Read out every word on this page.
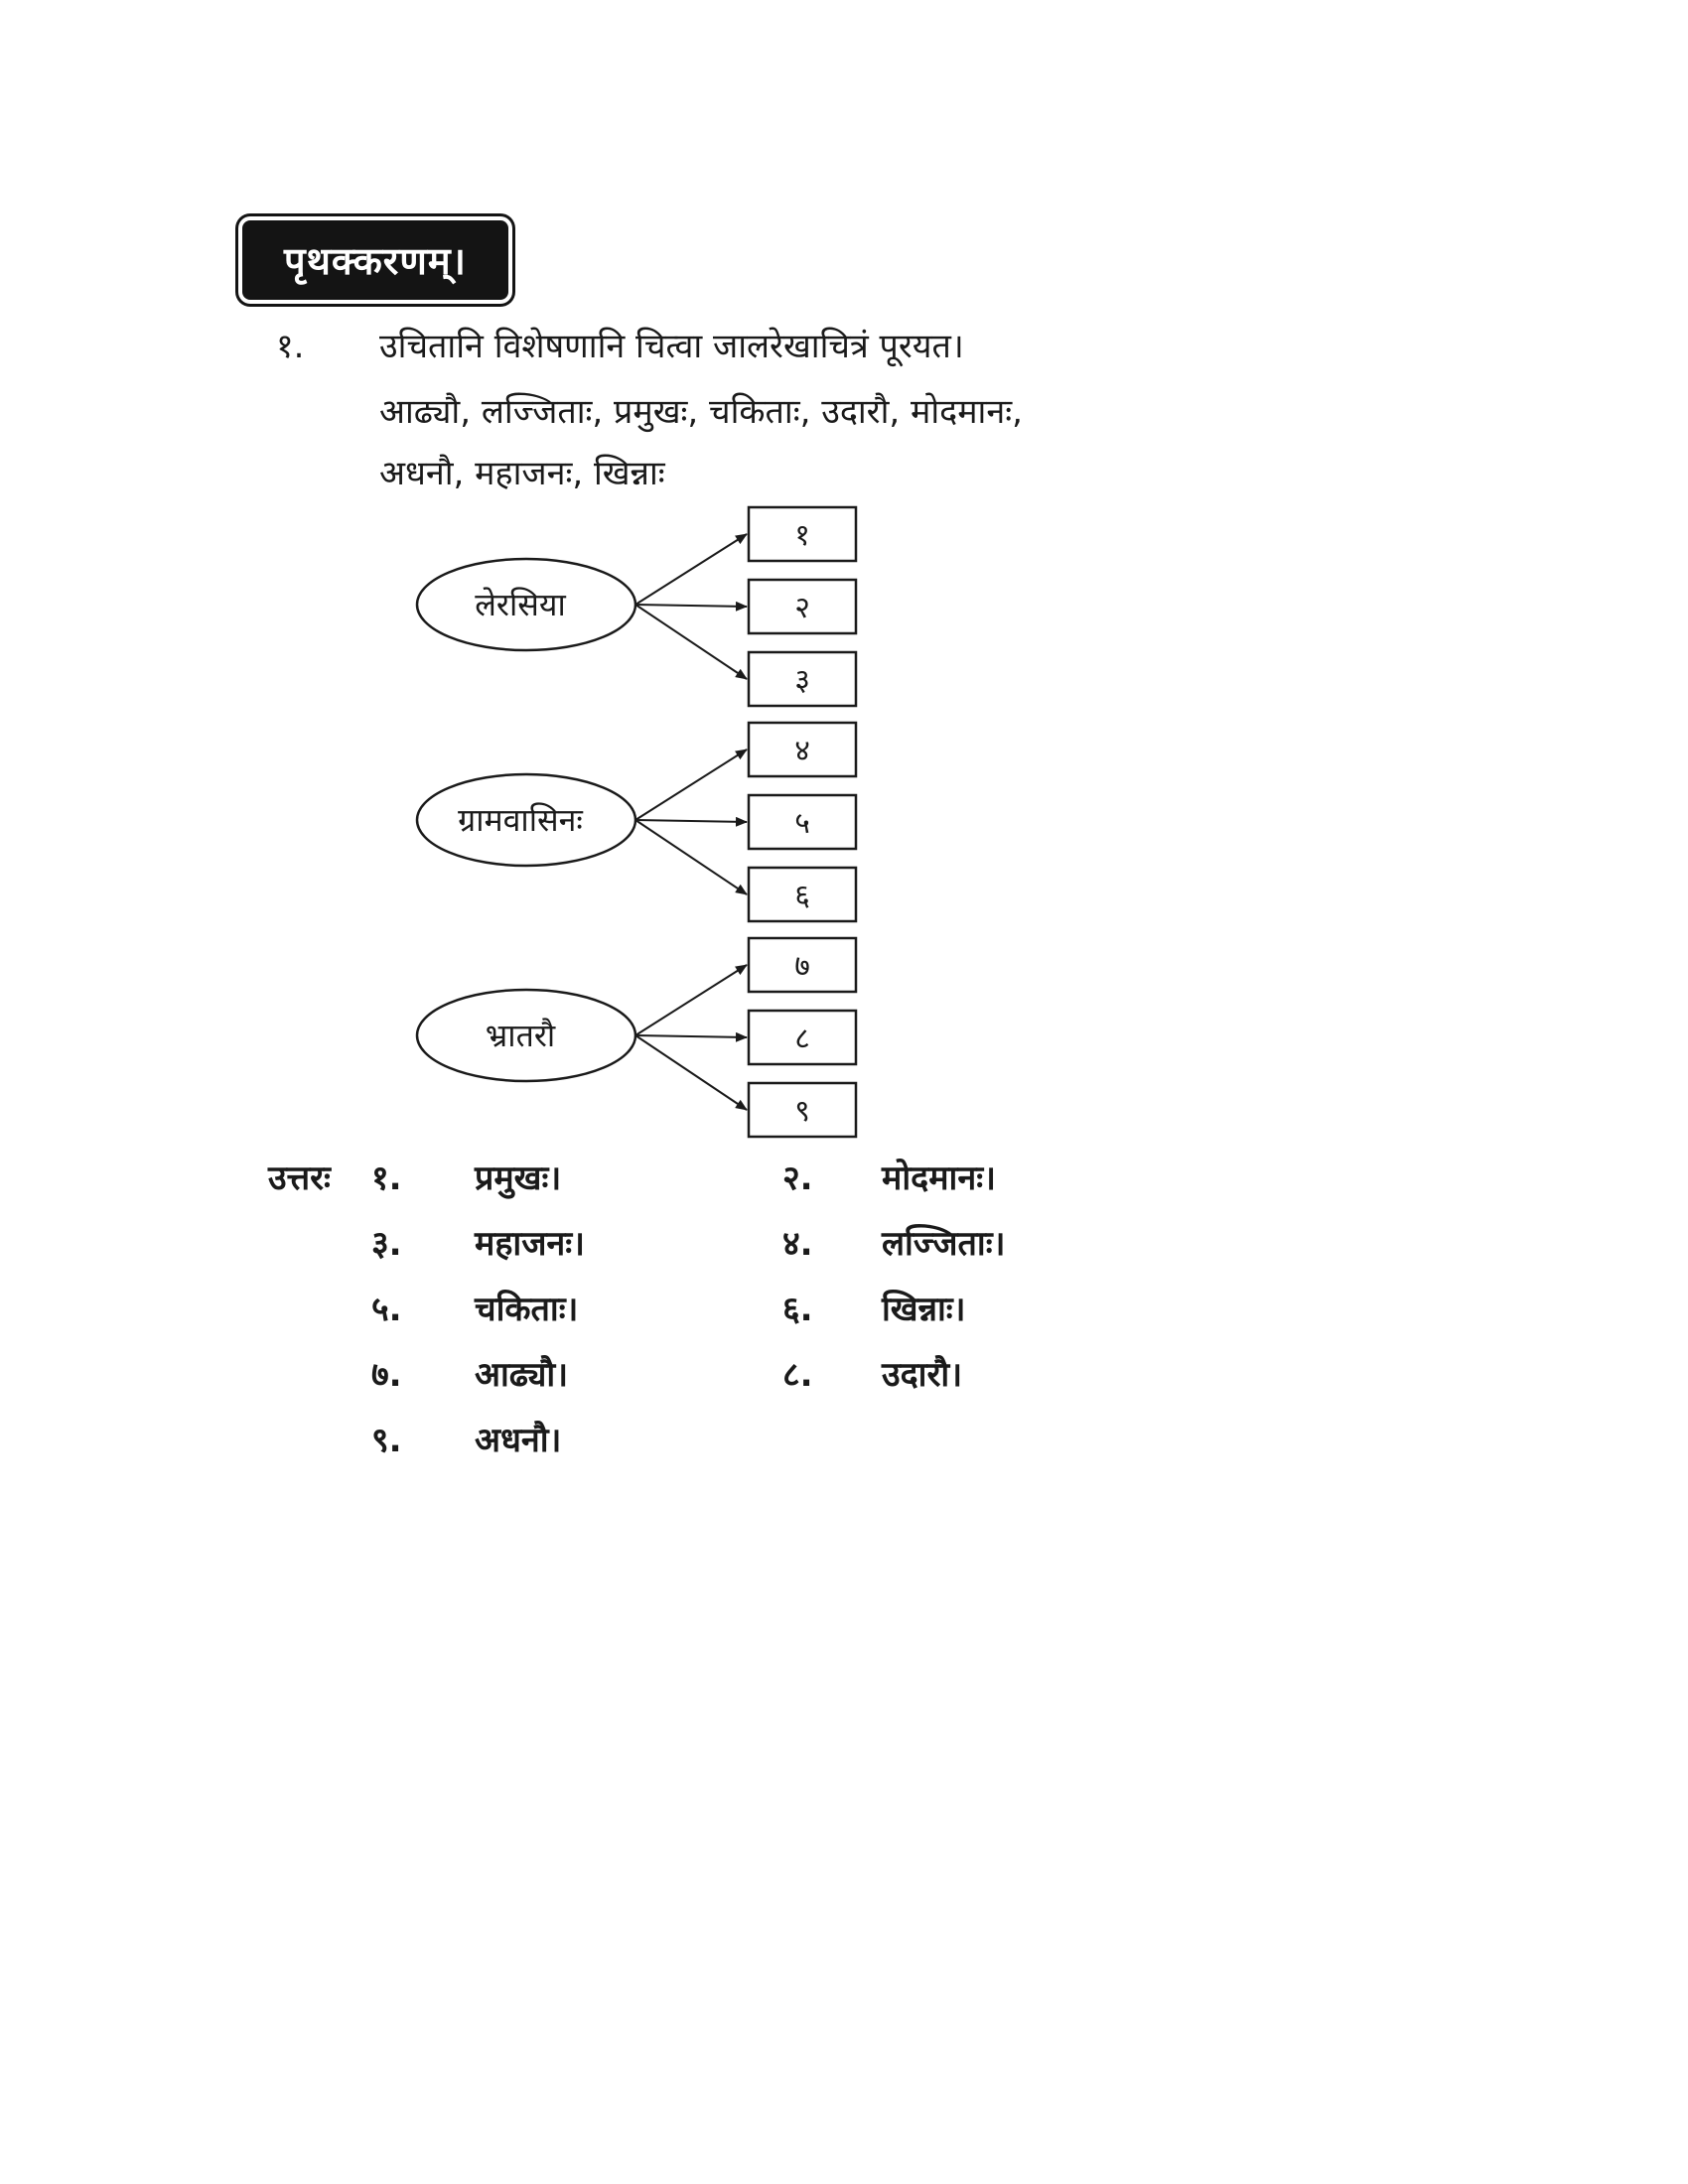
पृथक्करणम्।
१. उचितानि विशेषणानि चित्वा जालरेखाचित्रं पूरयत।
आढ्यौ, लज्जिताः, प्रमुखः, चकिताः, उदारौ, मोदमानः,
अधनौ, महाजनः, खिन्नाः
लेरसिया
१
२
३
ग्रामवासिनः
४
५
६
भ्रातरौ
७
८
९
उत्तरः १. प्रमुखः।	२. मोदमानः।
३. महाजनः।	४. लज्जिताः।
५. चकिताः।	६. खिन्नाः।
७. आढ्यौ।	८. उदारौ।
९. अधनौ।
